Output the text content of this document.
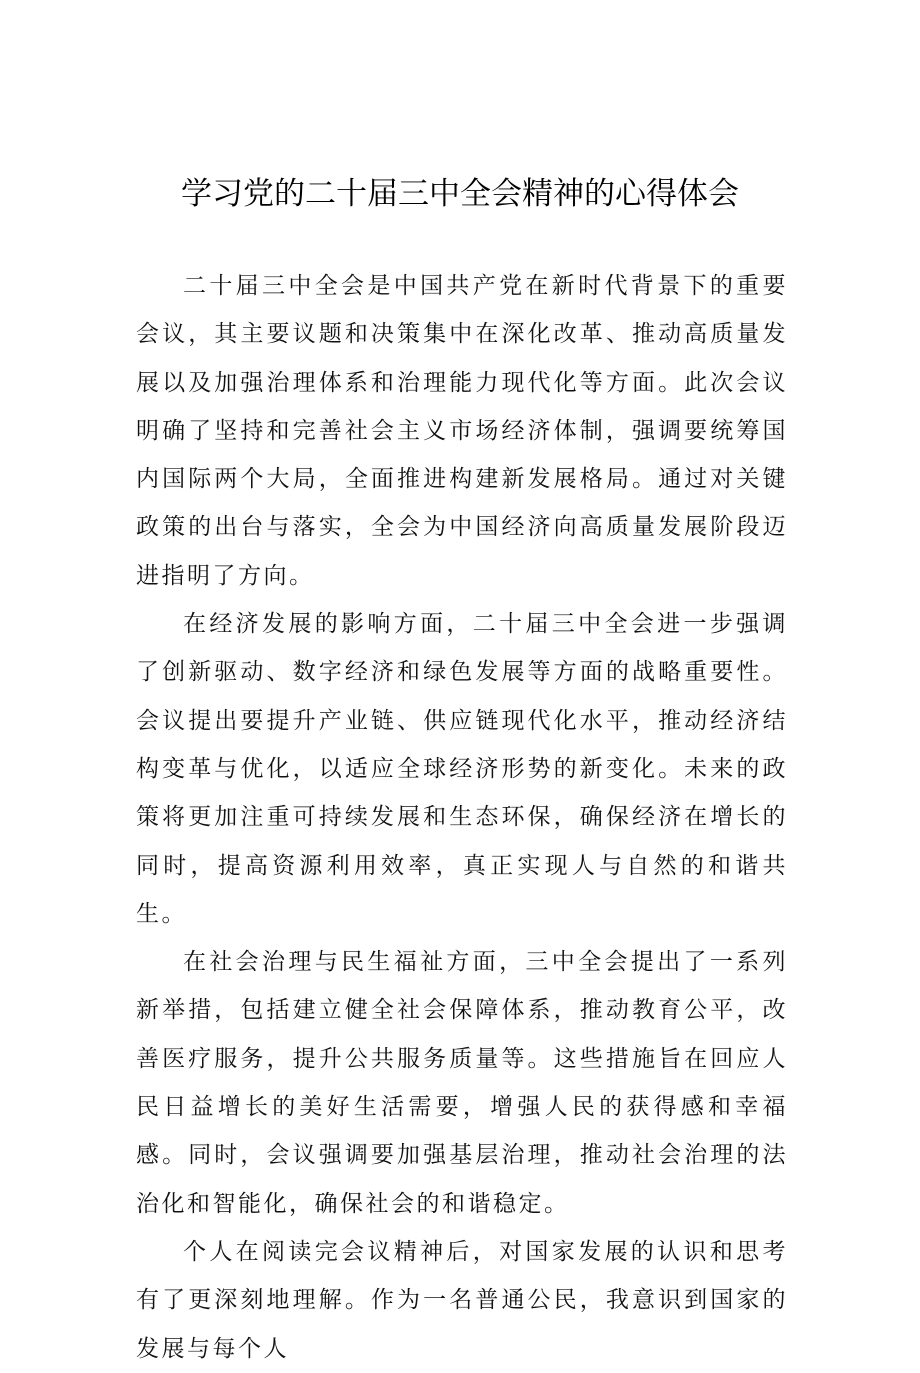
学习党的二十届三中全会精神的心得体会

二十届三中全会是中国共产党在新时代背景下的重要会议，其主要议题和决策集中在深化改革、推动高质量发展以及加强治理体系和治理能力现代化等方面。此次会议明确了坚持和完善社会主义市场经济体制，强调要统筹国内国际两个大局，全面推进构建新发展格局。通过对关键政策的出台与落实，全会为中国经济向高质量发展阶段迈进指明了方向。

在经济发展的影响方面，二十届三中全会进一步强调了创新驱动、数字经济和绿色发展等方面的战略重要性。会议提出要提升产业链、供应链现代化水平，推动经济结构变革与优化，以适应全球经济形势的新变化。未来的政策将更加注重可持续发展和生态环保，确保经济在增长的同时，提高资源利用效率，真正实现人与自然的和谐共生。

在社会治理与民生福祉方面，三中全会提出了一系列新举措，包括建立健全社会保障体系，推动教育公平，改善医疗服务，提升公共服务质量等。这些措施旨在回应人民日益增长的美好生活需要，增强人民的获得感和幸福感。同时，会议强调要加强基层治理，推动社会治理的法治化和智能化，确保社会的和谐稳定。

个人在阅读完会议精神后，对国家发展的认识和思考有了更深刻地理解。作为一名普通公民，我意识到国家的发展与每个人
